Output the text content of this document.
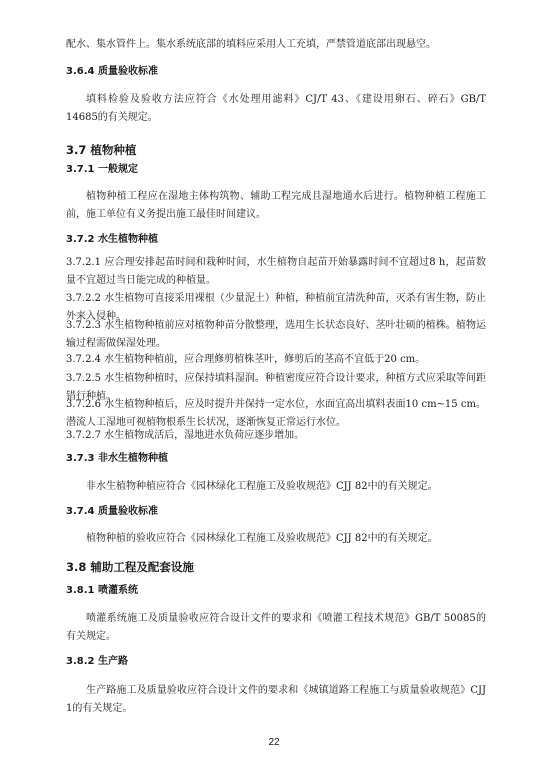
配水、集水管件上。集水系统底部的填料应采用人工充填，严禁管道底部出现悬空。

3.6.4 质量验收标准

填料检验及验收方法应符合《水处理用滤料》CJ/T 43、《建设用卵石、碎石》GB/T 14685的有关规定。

3.7 植物种植
3.7.1 一般规定

植物种植工程应在湿地主体构筑物、辅助工程完成且湿地通水后进行。植物种植工程施工前，施工单位有义务提出施工最佳时间建议。

3.7.2 水生植物种植

3.7.2.1 应合理安排起苗时间和栽种时间，水生植物自起苗开始暴露时间不宜超过8 h，起苗数量不宜超过当日能完成的种植量。

3.7.2.2 水生植物可直接采用裸根（少量泥土）种植，种植前宜清洗种苗，灭杀有害生物，防止外来入侵种。

3.7.2.3 水生植物种植前应对植物种苗分散整理，选用生长状态良好、茎叶壮硕的植株。植物运输过程需做保湿处理。

3.7.2.4 水生植物种植前，应合理修剪植株茎叶，修剪后的茎高不宜低于20 cm。

3.7.2.5 水生植物种植时，应保持填料湿润。种植密度应符合设计要求，种植方式应采取等间距错行种植。

3.7.2.6 水生植物种植后，应及时提升并保持一定水位，水面宜高出填料表面10 cm~15 cm。潜流人工湿地可视植物根系生长状况，逐渐恢复正常运行水位。

3.7.2.7 水生植物成活后，湿地进水负荷应逐步增加。

3.7.3 非水生植物种植

非水生植物种植应符合《园林绿化工程施工及验收规范》CJJ 82中的有关规定。

3.7.4 质量验收标准

植物种植的验收应符合《园林绿化工程施工及验收规范》CJJ 82中的有关规定。

3.8 辅助工程及配套设施
3.8.1 喷灌系统

喷灌系统施工及质量验收应符合设计文件的要求和《喷灌工程技术规范》GB/T 50085的有关规定。

3.8.2 生产路

生产路施工及质量验收应符合设计文件的要求和《城镇道路工程施工与质量验收规范》CJJ 1的有关规定。

22
